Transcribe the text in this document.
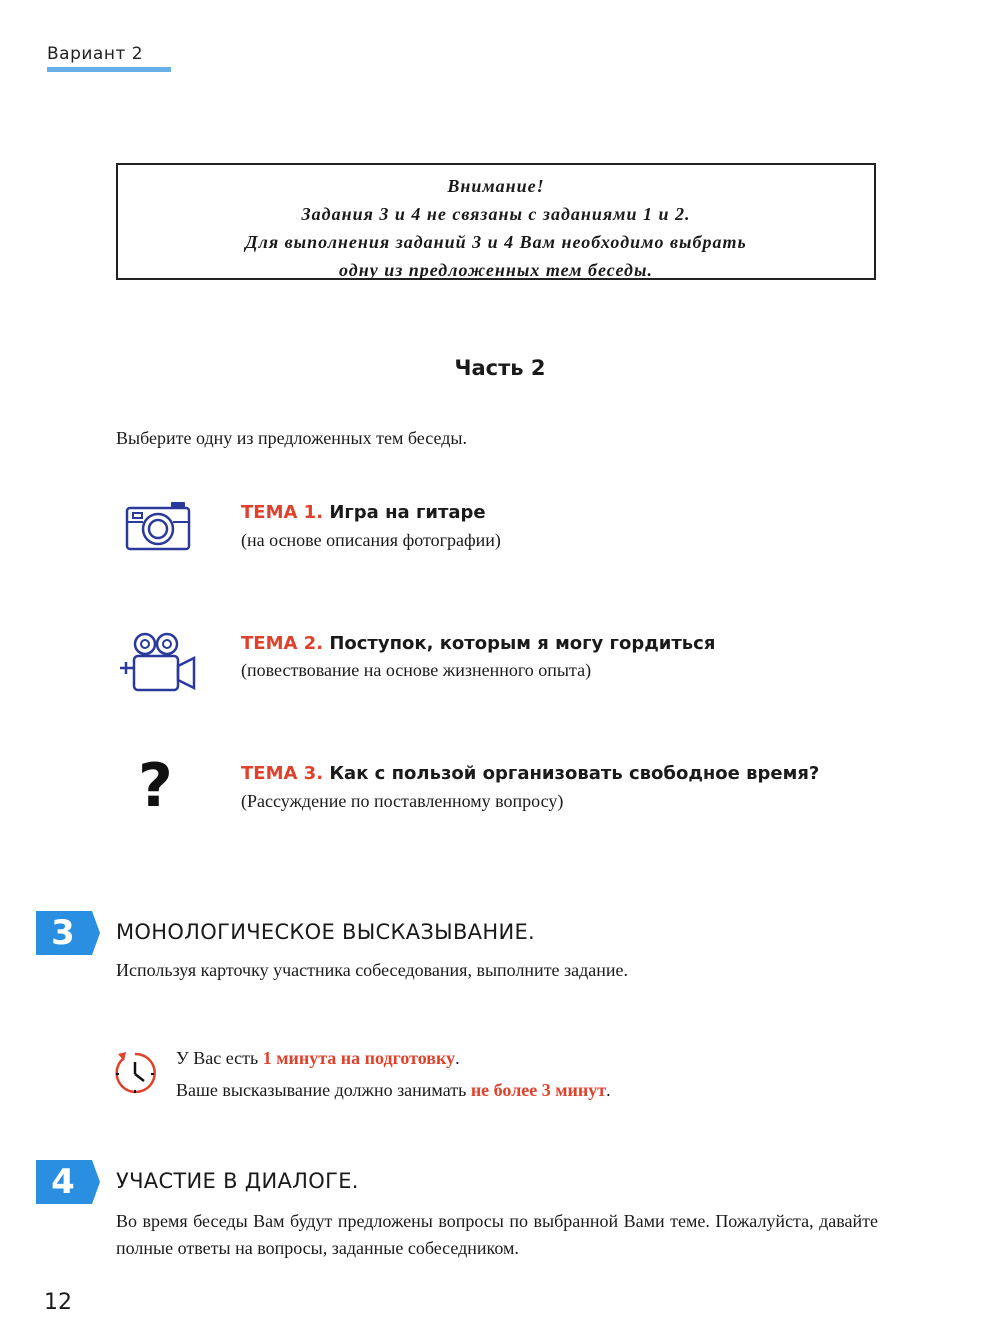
Вариант 2
Внимание!
Задания 3 и 4 не связаны с заданиями 1 и 2.
Для выполнения заданий 3 и 4 Вам необходимо выбрать
одну из предложенных тем беседы.
Часть 2
Выберите одну из предложенных тем беседы.
ТЕМА 1. Игра на гитаре
(на основе описания фотографии)
ТЕМА 2. Поступок, которым я могу гордиться
(повествование на основе жизненного опыта)
?	ТЕМА 3. Как с пользой организовать свободное время?
(Рассуждение по поставленному вопросу)
3	МОНОЛОГИЧЕСКОЕ ВЫСКАЗЫВАНИЕ.
Используя карточку участника собеседования, выполните задание.
У Вас есть 1 минута на подготовку.
Ваше высказывание должно занимать не более 3 минут.
4	УЧАСТИЕ В ДИАЛОГЕ.
Во время беседы Вам будут предложены вопросы по выбранной Вами теме. Пожалуйста, давайте полные ответы на вопросы, заданные собеседником.
12
